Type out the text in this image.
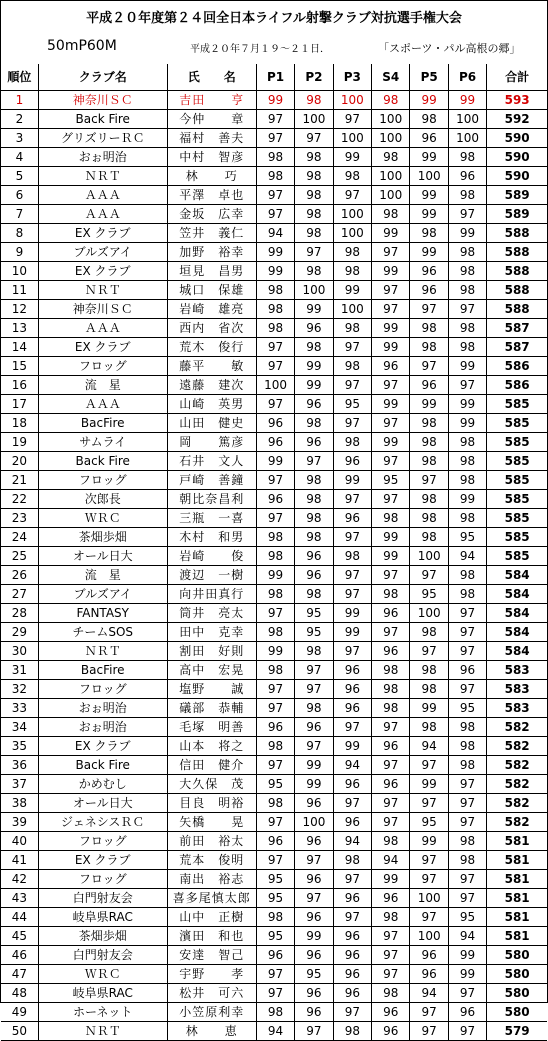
平成２０年度第２４回全日本ライフル射撃クラブ対抗選手権大会
50mP60M	平成２０年７月１９～２１日．	「スポーツ・パル高根の郷」
順位	クラブ名	氏　　名	P1	P2	P3	S4	P5	P6	合計
1	神奈川ＳＣ	吉田　　亨	99	98	100	98	99	99	593
2	Back Fire	今仲　　章	97	100	97	100	98	100	592
3	グリズリーＲＣ	福村　善夫	97	97	100	100	96	100	590
4	おぉ明治	中村　智彦	98	98	99	98	99	98	590
5	ＮＲＴ	林　　巧	98	98	98	100	100	96	590
6	ＡＡＡ	平澤　卓也	97	98	97	100	99	98	589
7	ＡＡＡ	金坂　広幸	97	98	100	98	99	97	589
8	EX クラブ	笠井　義仁	94	98	100	99	98	99	588
9	ブルズアイ	加野　裕幸	99	97	98	97	99	98	588
10	EX クラブ	垣見　昌男	99	98	98	99	96	98	588
11	ＮＲＴ	城口　保雄	98	100	99	97	96	98	588
12	神奈川ＳＣ	岩崎　雄亮	98	99	100	97	97	97	588
13	ＡＡＡ	西内　省次	98	96	98	99	98	98	587
14	EX クラブ	荒木　俊行	97	98	97	99	98	98	587
15	フロッグ	藤平　　敏	97	99	98	96	97	99	586
16	流　星	遠藤　建次	100	99	97	97	96	97	586
17	ＡＡＡ	山崎　英男	97	96	95	99	99	99	585
18	BacFire	山田　健史	96	98	97	97	98	99	585
19	サムライ	岡　　篤彦	96	96	98	99	98	98	585
20	Back Fire	石井　文人	99	97	96	97	98	98	585
21	フロッグ	戸崎　善鐘	97	98	99	95	97	98	585
22	次郎長	朝比奈昌利	96	98	97	97	98	99	585
23	ＷＲＣ	三瓶　一喜	97	98	96	98	98	98	585
24	茶畑歩畑	木村　和男	98	98	97	99	98	95	585
25	オール日大	岩崎　　俊	98	96	98	99	100	94	585
26	流　星	渡辺　一樹	99	96	97	97	97	98	584
27	ブルズアイ	向井田真行	98	98	97	98	95	98	584
28	FANTASY	筒井　亮太	97	95	99	96	100	97	584
29	チームSOS	田中　克幸	98	95	99	97	98	97	584
30	ＮＲＴ	割田　好則	99	98	97	96	97	97	584
31	BacFire	高中　宏晃	98	97	96	98	98	96	583
32	フロッグ	塩野　　誠	97	97	96	98	98	97	583
33	おぉ明治	礒部　恭輔	97	98	96	98	99	95	583
34	おぉ明治	毛塚　明善	96	96	97	97	98	98	582
35	EX クラブ	山本　将之	98	97	99	96	94	98	582
36	Back Fire	信田　健介	97	99	94	97	97	98	582
37	かめむし	大久保　茂	95	99	96	96	99	97	582
38	オール日大	目良　明裕	98	96	97	97	97	97	582
39	ジェネシスＲＣ	矢橋　　晃	97	100	96	97	95	97	582
40	フロッグ	前田　裕太	96	96	94	98	99	98	581
41	EX クラブ	荒本　俊明	97	97	98	94	97	98	581
42	フロッグ	南出　裕志	95	96	97	99	97	97	581
43	白門射友会	喜多尾慎太郎	95	97	96	96	100	97	581
44	岐阜県RAC	山中　正樹	98	96	97	98	97	95	581
45	茶畑歩畑	濱田　和也	95	99	96	97	100	94	581
46	白門射友会	安達　智己	96	96	96	97	96	99	580
47	ＷＲＣ	宇野　　孝	97	95	96	97	96	99	580
48	岐阜県RAC	松井　可六	97	96	96	98	94	97	580
49	ホーネット	小笠原利幸	98	96	97	96	97	96	580
50	ＮＲＴ	林　　恵	94	97	98	96	97	97	579
